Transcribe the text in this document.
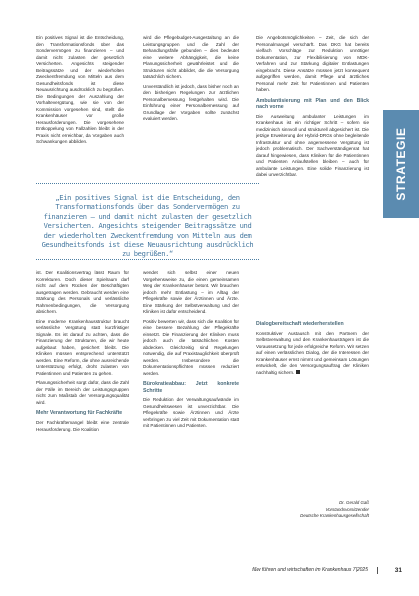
Ein positives Signal ist die Entscheidung, den Transformationsfonds über das Sondervermögen zu finanzieren – und damit nicht zulasten der gesetzlich Versicherten. Angesichts steigender Beitragssätze und der wiederholten Zweckentfremdung von Mitteln aus dem Gesundheitsfonds ist diese Neuausrichtung ausdrücklich zu begrüßen. Die Bedingungen der Auszahlung der Vorhaltevergütung, wie sie von der Kommission vorgesehen sind, stellt die Krankenhäuser vor große Herausforderungen. Die vorgesehene Entkoppelung von Fallzahlen bleibt in der Praxis nicht erreichbar, da Vorgaben auch Schwankungen abbilden.

wird die Pflegebudget-Ausgestaltung an die Leistungsgruppen und die Zahl der Behandlungsfälle gebunden – dies bedeutet eine weitere Abhängigkeit, die keine Planungssicherheit gewährleistet und die Strukturen nicht abbildet, die die Versorgung tatsächlich sichern.

Unverständlich ist jedoch, dass bisher noch an den bisherigen Regelungen zur ärztlichen Personalbemessung festgehalten wird. Die Einführung einer Personalbemessung auf Grundlage der Vorgaben sollte zunächst evaluiert werden.

Die Angebotsmöglichkeiten – Zeit, die sich der Personalmangel verschärft. Das DKG hat bereits vielfach Vorschläge zur Reduktion unnötiger Dokumentation, zur Flexibilisierung von MDK-Verfahren und zur Stärkung digitaler Entlastungen eingebracht. Diese Ansätze müssen jetzt konsequent aufgegriffen werden, damit Pflege und ärztliches Personal mehr Zeit für Patientinnen und Patienten haben.

Ambulantisierung mit Plan und den Blick nach vorne

Die Ausweitung ambulanter Leistungen im Krankenhaus ist ein richtiger Schritt – sofern sie medizinisch sinnvoll und strukturell abgesichert ist. Die jetzige Erweiterung der Hybrid-DRGs ohne begleitende Infrastruktur und ohne angemessene Vergütung ist jedoch problematisch. Der Sachverständigenrat hat darauf hingewiesen, dass Kliniken für die Patientinnen und Patienten Anlaufstellen bleiben – auch für ambulante Leistungen. Eine solide Finanzierung ist dabei unverzichtbar.

„Ein positives Signal ist die Entscheidung, den Transformationsfonds über das Sondervermögen zu finanzieren – und damit nicht zulasten der gesetzlich Versicherten. Angesichts steigender Beitragssätze und der wiederholten Zweckentfremdung von Mitteln aus dem Gesundheitsfonds ist diese Neuausrichtung ausdrücklich zu begrüßen.“
STRATEGIE

ist. Der Koalitionsvertrag lässt Raum für Korrekturen. Doch dieser Spielraum darf nicht auf dem Rücken der Beschäftigten ausgetragen werden. Gebraucht werden eine Stärkung des Personals und verlässliche Rahmenbedingungen, die Versorgung absichern.

Eine moderne Krankenhausstruktur braucht verlässliche Vergütung statt kurzfristiger Signale. Es ist darauf zu achten, dass die Finanzierung der Strukturen, die wir heute aufgebaut haben, gesichert bleibt. Die Kliniken müssen entsprechend unterstützt werden. Eine Reform, die ohne ausreichende Unterstützung erfolgt, droht zulasten von Patientinnen und Patienten zu gehen.

Planungssicherheit sorgt dafür, dass die Zahl der Fälle im Bereich der Leistungsgruppen nicht zum Maßstab der Versorgungsqualität wird.

Mehr Verantwortung für Fachkräfte

Der Fachkräftemangel bleibt eine zentrale Herausforderung. Die Koalition

wendet sich selbst einer neuen Vorgehensweise zu, die einen gemeinsamen Weg der Krankenhäuser betont. Wir brauchen jedoch mehr Entlastung – im Alltag der Pflegekräfte sowie der Ärztinnen und Ärzte. Eine Stärkung der Selbstverwaltung und der Kliniken ist dafür entscheidend.

Positiv bewerten wir, dass sich die Koalition für eine bessere Bezahlung der Pflegekräfte einsetzt. Die Finanzierung der Kliniken muss jedoch auch die tatsächlichen Kosten abdecken. Gleichzeitig sind Regelungen notwendig, die auf Praxistauglichkeit überprüft werden. Insbesondere die Dokumentationspflichten müssen reduziert werden.

Bürokratieabbau: Jetzt konkrete Schritte

Die Reduktion der Verwaltungsaufwände im Gesundheitswesen ist unverzichtbar. Die Pflegekräfte sowie Ärztinnen und Ärzte verbringen zu viel Zeit mit Dokumentation statt mit Patientinnen und Patienten.

Dialogbereitschaft wiederherstellen

Konstruktiver Austausch mit den Partnern der Selbstverwaltung und den Krankenhausträgern ist die Voraussetzung für jede erfolgreiche Reform. Wir setzen auf einen verlässlichen Dialog, der die Interessen der Krankenhäuser ernst nimmt und gemeinsam Lösungen entwickelt, die den Versorgungsauftrag der Kliniken nachhaltig sichern.

Dr. Gerald Gaß
Vorstandsvorsitzender
Deutsche Krankenhausgesellschaft
f&w führen und wirtschaften im Krankenhaus 7|2025	31
